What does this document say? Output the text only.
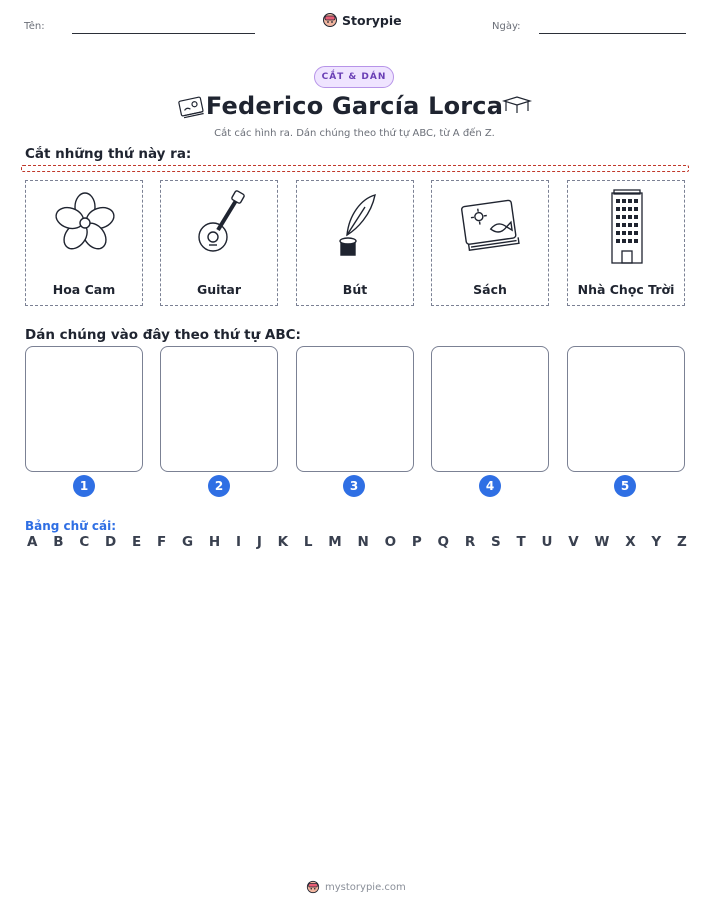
Tên:	Storypie	Ngày:
CẮT & DÁN
Federico García Lorca
Cắt các hình ra. Dán chúng theo thứ tự ABC, từ A đến Z.
Cắt những thứ này ra:
Hoa Cam	Guitar	Bút	Sách	Nhà Chọc Trời
Dán chúng vào đây theo thứ tự ABC:
1	2	3	4	5
Bảng chữ cái:
A B C D E F G H I J K L M N O P Q R S T U V W X Y Z
mystorypie.com
